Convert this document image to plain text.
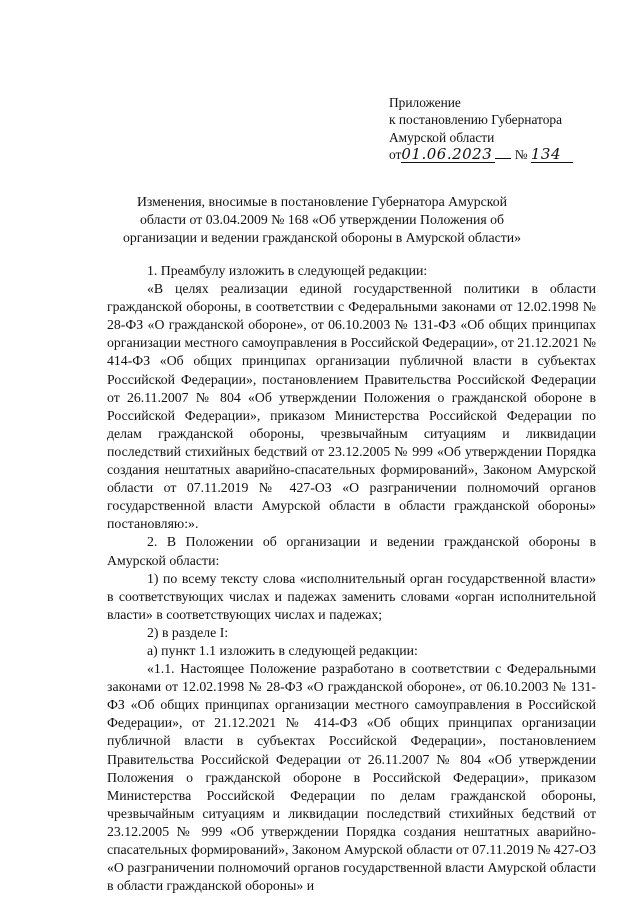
Приложение
к постановлению Губернатора
Амурской области
от01.06.2023 № 134
Изменения, вносимые в постановление Губернатора Амурской области от 03.04.2009 № 168 «Об утверждении Положения об организации и ведении гражданской обороны в Амурской области»

1. Преамбулу изложить в следующей редакции:

«В целях реализации единой государственной политики в области гражданской обороны, в соответствии с Федеральными законами от 12.02.1998 № 28-ФЗ «О гражданской обороне», от 06.10.2003 № 131-ФЗ «Об общих принципах организации местного самоуправления в Российской Федерации», от 21.12.2021 № 414-ФЗ «Об общих принципах организации публичной власти в субъектах Российской Федерации», постановлением Правительства Российской Федерации от 26.11.2007 № 804 «Об утверждении Положения о гражданской обороне в Российской Федерации», приказом Министерства Российской Федерации по делам гражданской обороны, чрезвычайным ситуациям и ликвидации последствий стихийных бедствий от 23.12.2005 № 999 «Об утверждении Порядка создания нештатных аварийно-спасательных формирований», Законом Амурской области от 07.11.2019 № 427-ОЗ «О разграничении полномочий органов государственной власти Амурской области в области гражданской обороны» постановляю:».

2. В Положении об организации и ведении гражданской обороны в Амурской области:

1) по всему тексту слова «исполнительный орган государственной власти» в соответствующих числах и падежах заменить словами «орган исполнительной власти» в соответствующих числах и падежах;

2) в разделе I:

а) пункт 1.1 изложить в следующей редакции:

«1.1. Настоящее Положение разработано в соответствии с Федеральными законами от 12.02.1998 № 28-ФЗ «О гражданской обороне», от 06.10.2003 № 131-ФЗ «Об общих принципах организации местного самоуправления в Российской Федерации», от 21.12.2021 № 414-ФЗ «Об общих принципах организации публичной власти в субъектах Российской Федерации», постановлением Правительства Российской Федерации от 26.11.2007 № 804 «Об утверждении Положения о гражданской обороне в Российской Федерации», приказом Министерства Российской Федерации по делам гражданской обороны, чрезвычайным ситуациям и ликвидации последствий стихийных бедствий от 23.12.2005 № 999 «Об утверждении Порядка создания нештатных аварийно-спасательных формирований», Законом Амурской области от 07.11.2019 № 427-ОЗ «О разграничении полномочий органов государственной власти Амурской области в области гражданской обороны» и
